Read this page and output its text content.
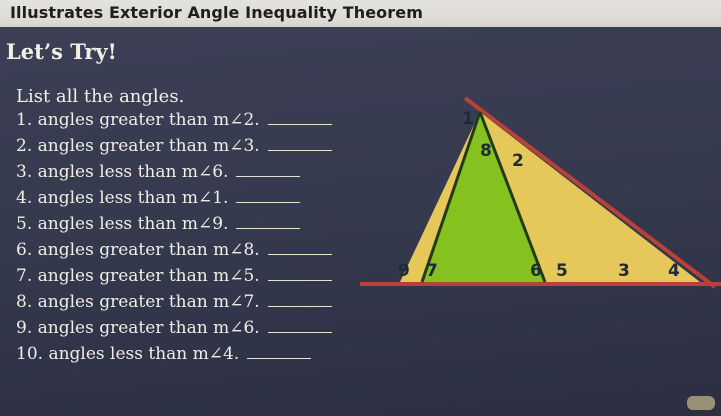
Illustrates Exterior Angle Inequality Theorem
Let’s Try!
List all the angles.
1. angles greater than m∠2.
2. angles greater than m∠3.
3. angles less than m∠6.
4. angles less than m∠1.
5. angles less than m∠9.
6. angles greater than m∠8.
7. angles greater than m∠5.
8. angles greater than m∠7.
9. angles greater than m∠6.
10. angles less than m∠4.
1
8 2
9 7	6 5	3 4
